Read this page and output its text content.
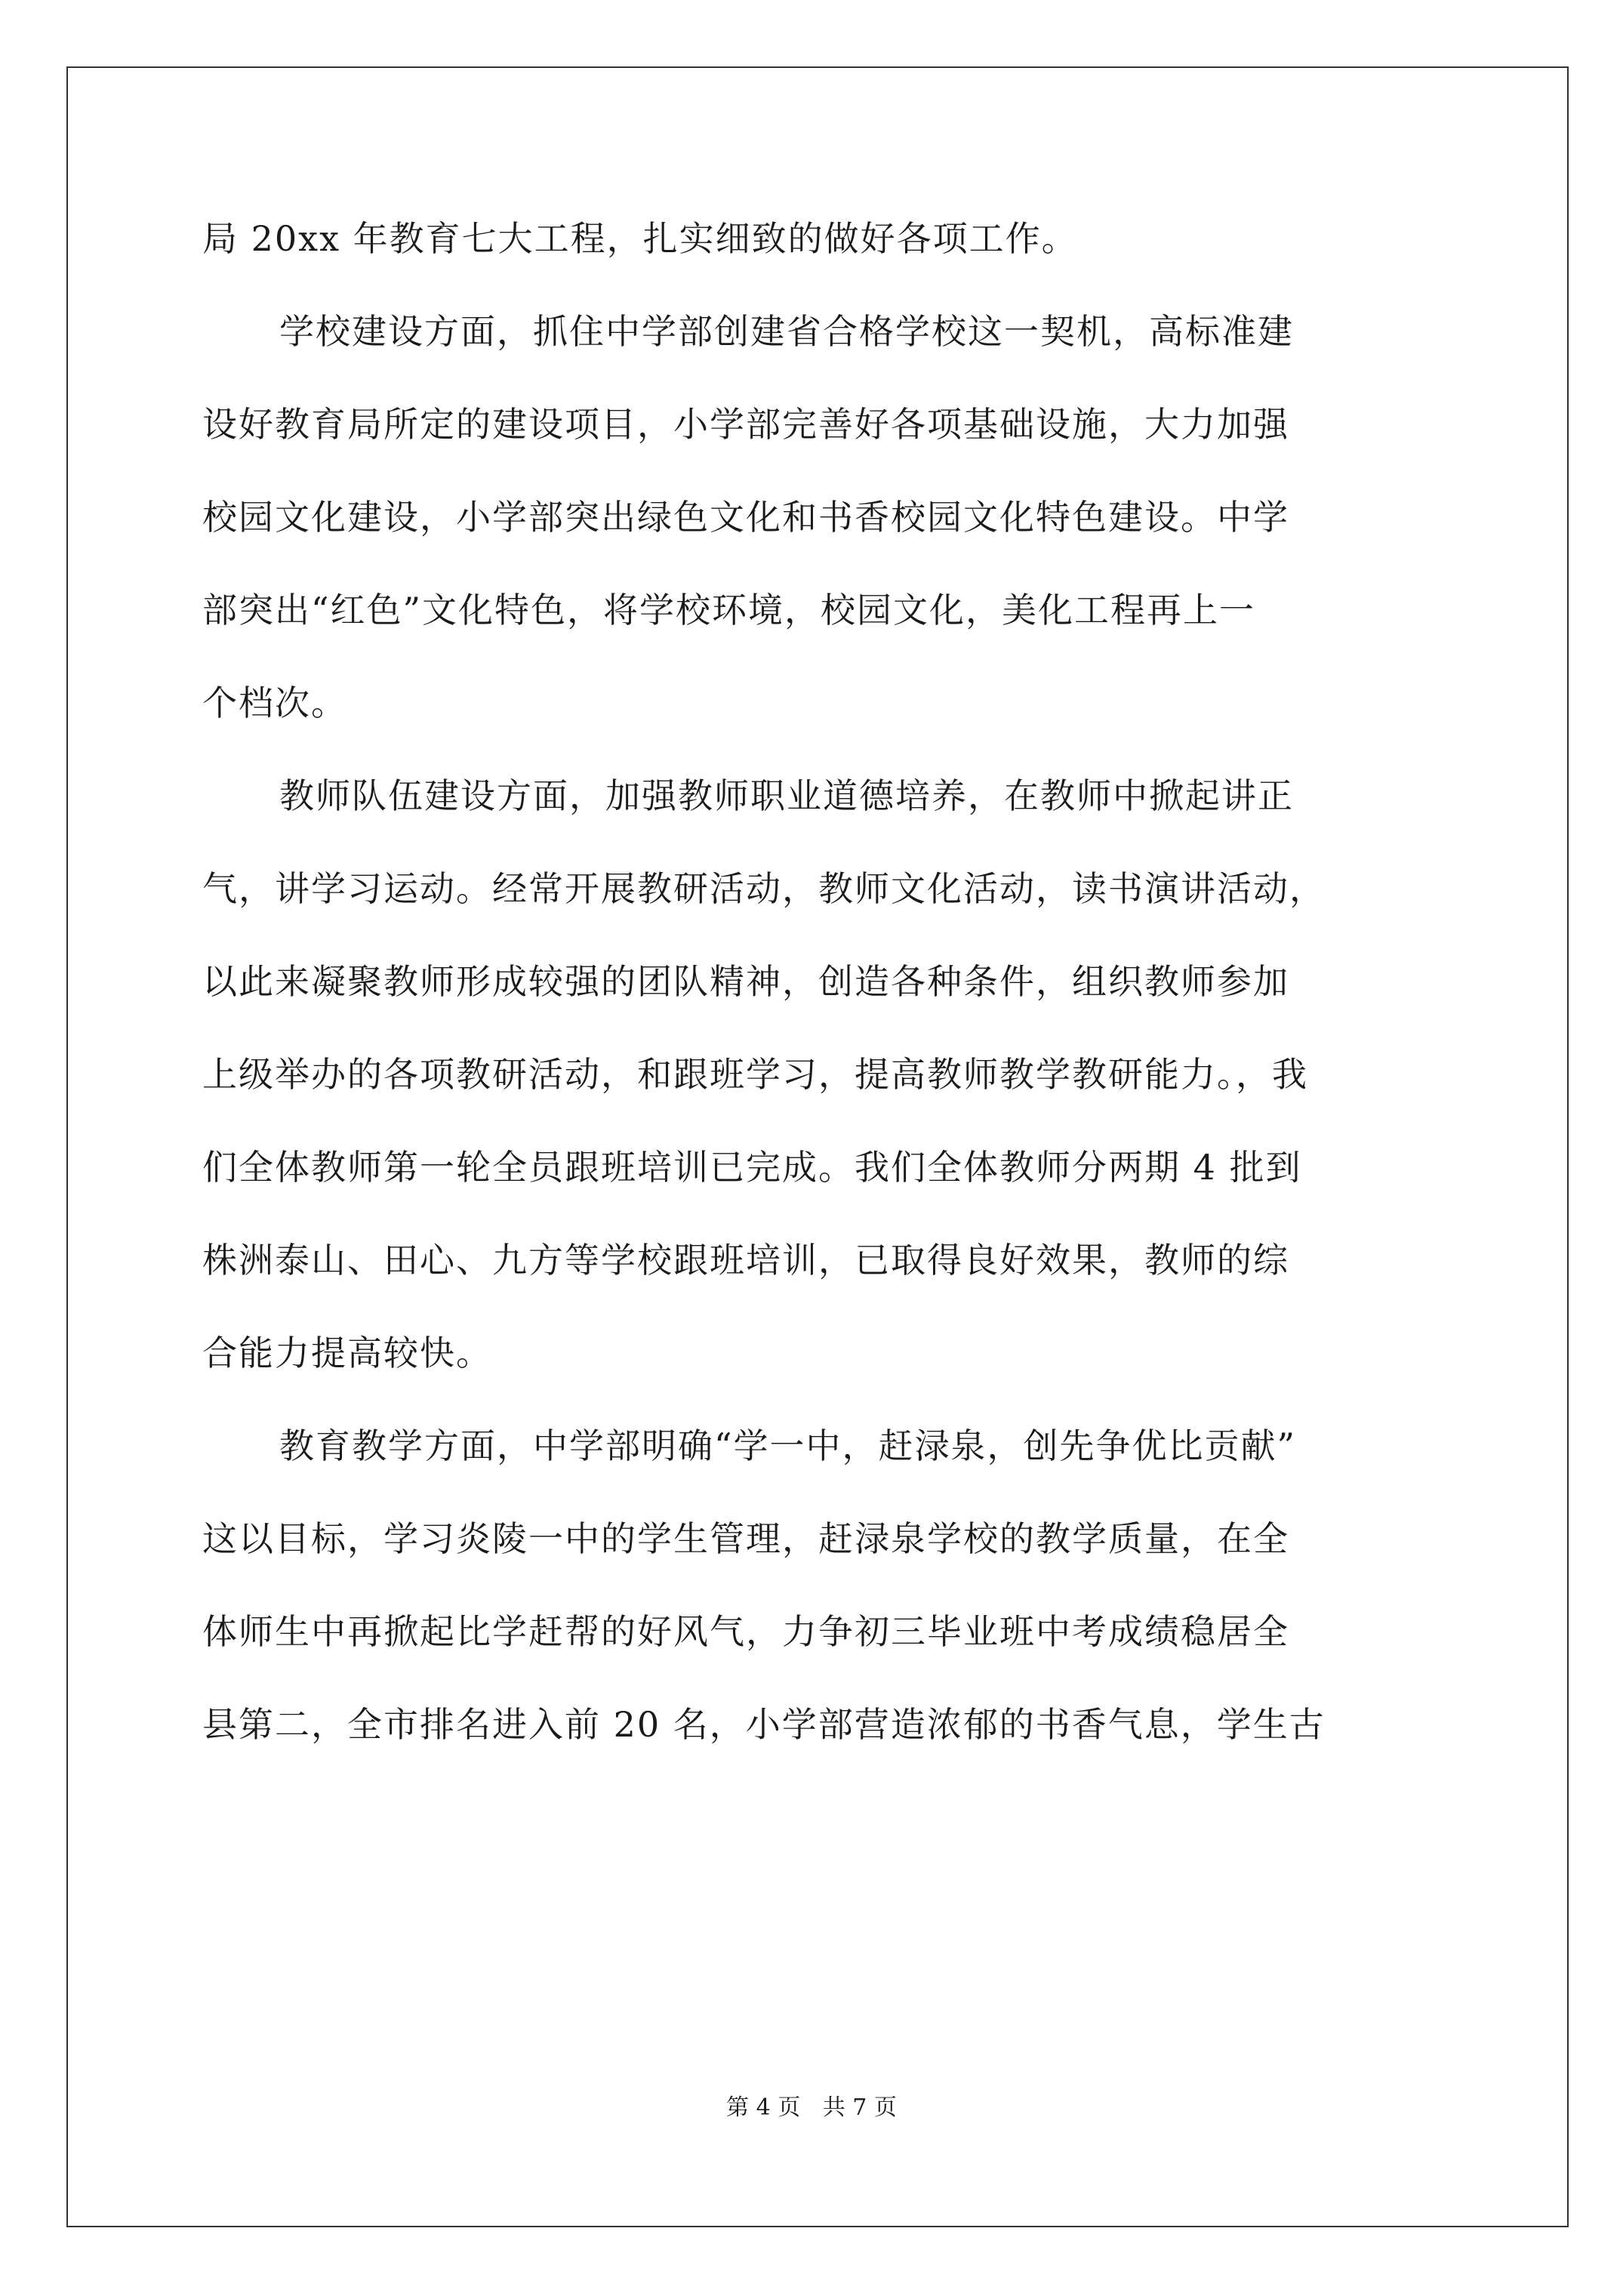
局 20xx 年教育七大工程，扎实细致的做好各项工作。
学校建设方面，抓住中学部创建省合格学校这一契机，高标准建
设好教育局所定的建设项目，小学部完善好各项基础设施，大力加强
校园文化建设，小学部突出绿色文化和书香校园文化特色建设。中学
部突出“红色”文化特色，将学校环境，校园文化，美化工程再上一
个档次。
教师队伍建设方面，加强教师职业道德培养，在教师中掀起讲正
气，讲学习运动。经常开展教研活动，教师文化活动，读书演讲活动，
以此来凝聚教师形成较强的团队精神，创造各种条件，组织教师参加
上级举办的各项教研活动，和跟班学习，提高教师教学教研能力。，我
们全体教师第一轮全员跟班培训已完成。我们全体教师分两期 4 批到
株洲泰山、田心、九方等学校跟班培训，已取得良好效果，教师的综
合能力提高较快。
教育教学方面，中学部明确“学一中，赶渌泉，创先争优比贡献”
这以目标，学习炎陵一中的学生管理，赶渌泉学校的教学质量，在全
体师生中再掀起比学赶帮的好风气，力争初三毕业班中考成绩稳居全
县第二，全市排名进入前 20 名，小学部营造浓郁的书香气息，学生古
第 4 页 共 7 页
